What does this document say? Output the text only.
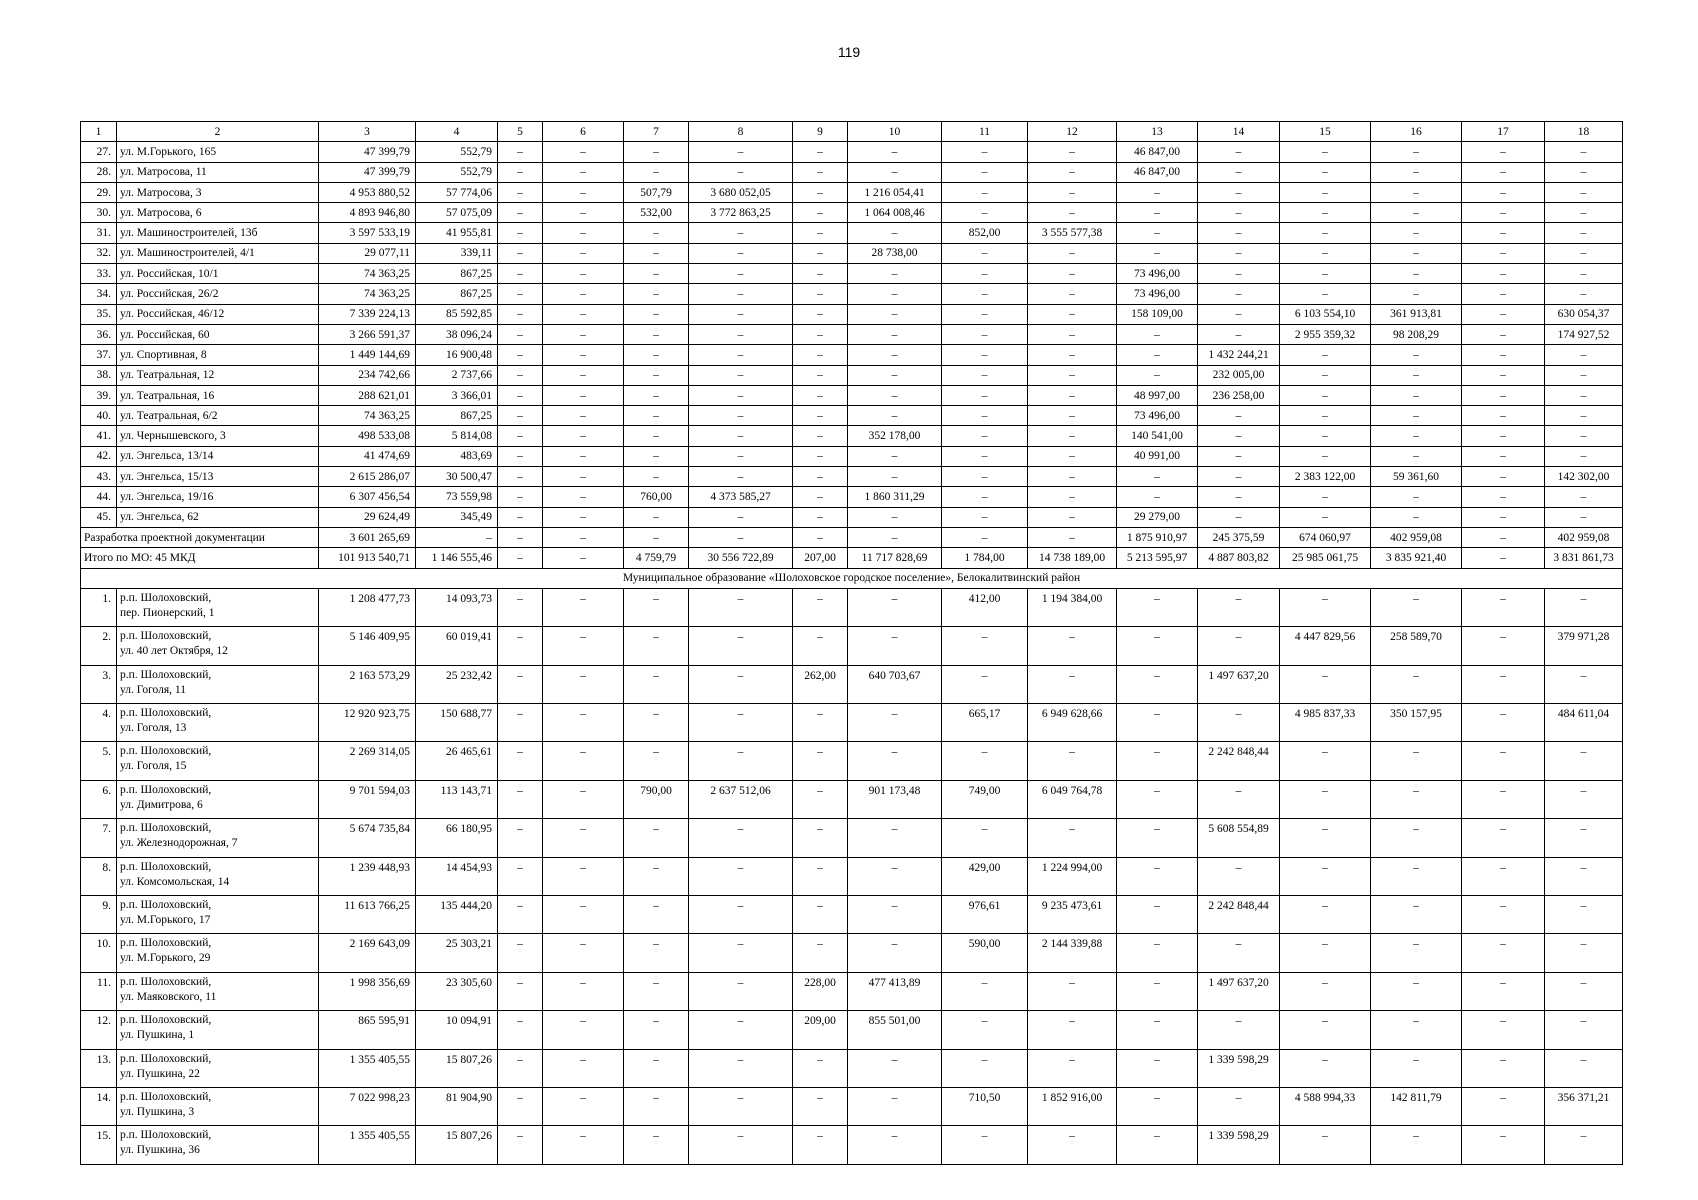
119
1	2	3	4	5	6	7	8	9	10	11	12	13	14	15	16	17	18
27.	ул. М.Горького, 165	47 399,79	552,79	–	–	–	–	–	–	–	–	46 847,00	–	–	–	–	–
28.	ул. Матросова, 11	47 399,79	552,79	–	–	–	–	–	–	–	–	46 847,00	–	–	–	–	–
29.	ул. Матросова, 3	4 953 880,52	57 774,06	–	–	507,79	3 680 052,05	–	1 216 054,41	–	–	–	–	–	–	–	–
30.	ул. Матросова, 6	4 893 946,80	57 075,09	–	–	532,00	3 772 863,25	–	1 064 008,46	–	–	–	–	–	–	–	–
31.	ул. Машиностроителей, 13б	3 597 533,19	41 955,81	–	–	–	–	–	–	852,00	3 555 577,38	–	–	–	–	–	–
32.	ул. Машиностроителей, 4/1	29 077,11	339,11	–	–	–	–	–	28 738,00	–	–	–	–	–	–	–	–
33.	ул. Российская, 10/1	74 363,25	867,25	–	–	–	–	–	–	–	–	73 496,00	–	–	–	–	–
34.	ул. Российская, 26/2	74 363,25	867,25	–	–	–	–	–	–	–	–	73 496,00	–	–	–	–	–
35.	ул. Российская, 46/12	7 339 224,13	85 592,85	–	–	–	–	–	–	–	–	158 109,00	–	6 103 554,10	361 913,81	–	630 054,37
36.	ул. Российская, 60	3 266 591,37	38 096,24	–	–	–	–	–	–	–	–	–	–	2 955 359,32	98 208,29	–	174 927,52
37.	ул. Спортивная, 8	1 449 144,69	16 900,48	–	–	–	–	–	–	–	–	–	1 432 244,21	–	–	–	–
38.	ул. Театральная, 12	234 742,66	2 737,66	–	–	–	–	–	–	–	–	–	232 005,00	–	–	–	–
39.	ул. Театральная, 16	288 621,01	3 366,01	–	–	–	–	–	–	–	–	48 997,00	236 258,00	–	–	–	–
40.	ул. Театральная, 6/2	74 363,25	867,25	–	–	–	–	–	–	–	–	73 496,00	–	–	–	–	–
41.	ул. Чернышевского, 3	498 533,08	5 814,08	–	–	–	–	–	352 178,00	–	–	140 541,00	–	–	–	–	–
42.	ул. Энгельса, 13/14	41 474,69	483,69	–	–	–	–	–	–	–	–	40 991,00	–	–	–	–	–
43.	ул. Энгельса, 15/13	2 615 286,07	30 500,47	–	–	–	–	–	–	–	–	–	–	2 383 122,00	59 361,60	–	142 302,00
44.	ул. Энгельса, 19/16	6 307 456,54	73 559,98	–	–	760,00	4 373 585,27	–	1 860 311,29	–	–	–	–	–	–	–	–
45.	ул. Энгельса, 62	29 624,49	345,49	–	–	–	–	–	–	–	–	29 279,00	–	–	–	–	–
Разработка проектной документации		3 601 265,69	–	–	–	–	–	–	–	–	–	1 875 910,97	245 375,59	674 060,97	402 959,08	–	402 959,08
Итого по МО: 45 МКД		101 913 540,71	1 146 555,46	–	–	4 759,79	30 556 722,89	207,00	11 717 828,69	1 784,00	14 738 189,00	5 213 595,97	4 887 803,82	25 985 061,75	3 835 921,40	–	3 831 861,73
Муниципальное образование «Шолоховское городское поселение», Белокалитвинский район																	
1.	р.п. Шолоховский,
пер. Пионерский, 1	1 208 477,73	14 093,73	–	–	–	–	–	–	412,00	1 194 384,00	–	–	–	–	–	–
2.	р.п. Шолоховский,
ул. 40 лет Октября, 12	5 146 409,95	60 019,41	–	–	–	–	–	–	–	–	–	–	4 447 829,56	258 589,70	–	379 971,28
3.	р.п. Шолоховский,
ул. Гоголя, 11	2 163 573,29	25 232,42	–	–	–	–	262,00	640 703,67	–	–	–	1 497 637,20	–	–	–	–
4.	р.п. Шолоховский,
ул. Гоголя, 13	12 920 923,75	150 688,77	–	–	–	–	–	–	665,17	6 949 628,66	–	–	4 985 837,33	350 157,95	–	484 611,04
5.	р.п. Шолоховский,
ул. Гоголя, 15	2 269 314,05	26 465,61	–	–	–	–	–	–	–	–	–	2 242 848,44	–	–	–	–
6.	р.п. Шолоховский,
ул. Димитрова, 6	9 701 594,03	113 143,71	–	–	790,00	2 637 512,06	–	901 173,48	749,00	6 049 764,78	–	–	–	–	–	–
7.	р.п. Шолоховский,
ул. Железнодорожная, 7	5 674 735,84	66 180,95	–	–	–	–	–	–	–	–	–	5 608 554,89	–	–	–	–
8.	р.п. Шолоховский,
ул. Комсомольская, 14	1 239 448,93	14 454,93	–	–	–	–	–	–	429,00	1 224 994,00	–	–	–	–	–	–
9.	р.п. Шолоховский,
ул. М.Горького, 17	11 613 766,25	135 444,20	–	–	–	–	–	–	976,61	9 235 473,61	–	2 242 848,44	–	–	–	–
10.	р.п. Шолоховский,
ул. М.Горького, 29	2 169 643,09	25 303,21	–	–	–	–	–	–	590,00	2 144 339,88	–	–	–	–	–	–
11.	р.п. Шолоховский,
ул. Маяковского, 11	1 998 356,69	23 305,60	–	–	–	–	228,00	477 413,89	–	–	–	1 497 637,20	–	–	–	–
12.	р.п. Шолоховский,
ул. Пушкина, 1	865 595,91	10 094,91	–	–	–	–	209,00	855 501,00	–	–	–	–	–	–	–	–
13.	р.п. Шолоховский,
ул. Пушкина, 22	1 355 405,55	15 807,26	–	–	–	–	–	–	–	–	–	1 339 598,29	–	–	–	–
14.	р.п. Шолоховский,
ул. Пушкина, 3	7 022 998,23	81 904,90	–	–	–	–	–	–	710,50	1 852 916,00	–	–	4 588 994,33	142 811,79	–	356 371,21
15.	р.п. Шолоховский,
ул. Пушкина, 36	1 355 405,55	15 807,26	–	–	–	–	–	–	–	–	–	1 339 598,29	–	–	–	–
